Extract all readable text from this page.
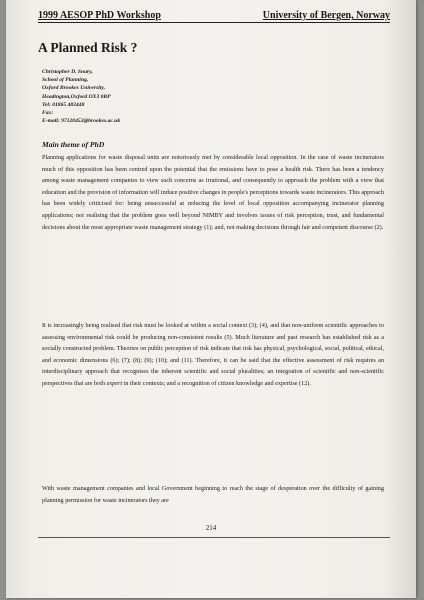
1999 AESOP PhD Workshop	University of Bergen, Norway
A Planned Risk ?
Christopher D. Snary,
School of Planning,
Oxford Brookes University,
Headington,Oxford OX3 0BP
Tel: 01865 483448
Fax:
E-mail: 97120452@brookes.ac.uk
Main theme of PhD

Planning applications for waste disposal units are notoriously met by considerable local opposition. In the case of waste incinerators much of this opposition has been centred upon the potential that the emissions have to pose a health risk. There has been a tendency among waste management companies to view such concerns as irrational, and consequently to approach the problem with a view that education and the provision of information will induce positive changes in people's perceptions towards waste incinerators. This approach has been widely criticised for: being unsuccessful at reducing the level of local opposition accompanying incinerator planning applications; not realising that the problem goes well beyond NIMBY and involves issues of risk perception, trust, and fundamental decisions about the most appropriate waste management strategy (1); and, not making decisions through fair and competent discourse (2).

It is increasingly being realised that risk must be looked at within a social context (3); (4), and that non-uniform scientific approaches to assessing environmental risk could be producing non-consistent results (5). Much literature and past research has established risk as a socially constructed problem. Theories on public perception of risk indicate that risk has physical, psychological, social, political, ethical, and economic dimensions (6); (7); (8); (9); (10); and (11). Therefore, it can be said that the effective assessment of risk requires an interdisciplinary approach that recognises the inherent scientific and social pluralities; an integration of scientific and non-scientific perspectives that are both expert in their contexts; and a recognition of citizen knowledge and expertise (12).

With waste management companies and local Government beginning to reach the stage of desperation over the difficulty of gaining planning permission for waste incinerators they are

214
